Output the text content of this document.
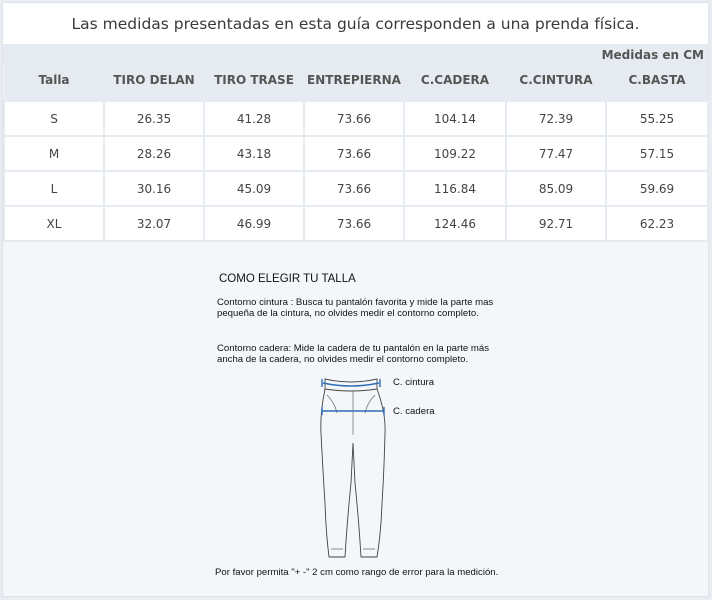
Las medidas presentadas en esta guía corresponden a una prenda física.
Medidas en CM
Talla	TIRO DELAN	TIRO TRASE	ENTREPIERNA	C.CADERA	C.CINTURA	C.BASTA
S	26.35	41.28	73.66	104.14	72.39	55.25
M	28.26	43.18	73.66	109.22	77.47	57.15
L	30.16	45.09	73.66	116.84	85.09	59.69
XL	32.07	46.99	73.66	124.46	92.71	62.23
COMO ELEGIR TU TALLA
Contorno cintura : Busca tu pantalón favorita y mide la parte mas pequeña de la cintura, no olvides medir el contorno completo.
Contorno cadera: Mide la cadera de tu pantalón en la parte más ancha de la cadera, no olvides medir el contorno completo.
C. cintura
C. cadera
Por favor permita "+ -" 2 cm como rango de error para la medición.
